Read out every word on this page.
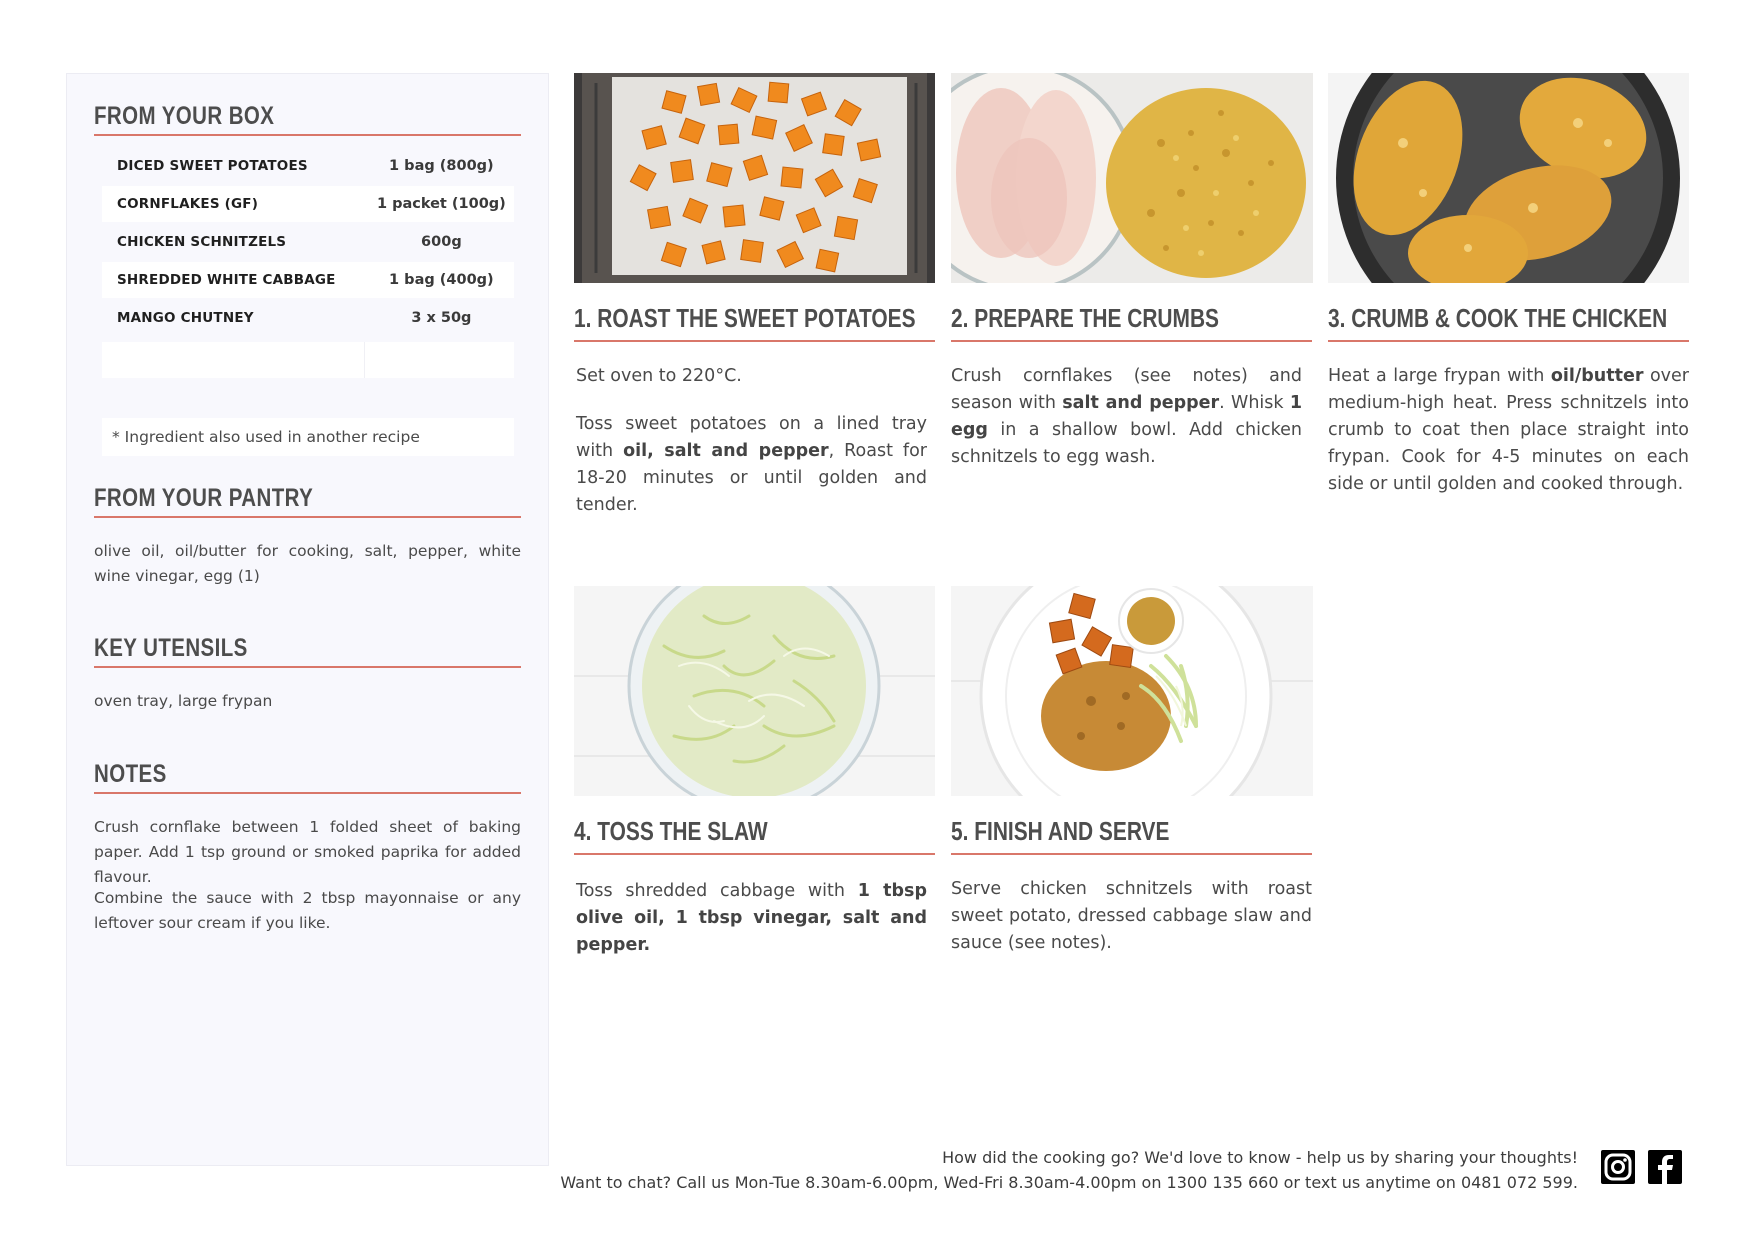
FROM YOUR BOX
DICED SWEET POTATOES	1 bag (800g)
CORNFLAKES (GF)	1 packet (100g)
CHICKEN SCHNITZELS	600g
SHREDDED WHITE CABBAGE	1 bag (400g)
MANGO CHUTNEY	3 x 50g
* Ingredient also used in another recipe
FROM YOUR PANTRY

olive oil, oil/butter for cooking, salt, pepper, white wine vinegar, egg (1)

KEY UTENSILS

oven tray, large frypan

NOTES

Crush cornflake between 1 folded sheet of baking paper. Add 1 tsp ground or smoked paprika for added flavour.

Combine the sauce with 2 tbsp mayonnaise or any leftover sour cream if you like.

1. ROAST THE SWEET POTATOES

Set oven to 220°C.

Toss sweet potatoes on a lined tray with oil, salt and pepper, Roast for 18-20 minutes or until golden and tender.

2. PREPARE THE CRUMBS

Crush cornflakes (see notes) and season with salt and pepper. Whisk 1 egg in a shallow bowl. Add chicken schnitzels to egg wash.

3. CRUMB & COOK THE CHICKEN

Heat a large frypan with oil/butter over medium-high heat. Press schnitzels into crumb to coat then place straight into frypan. Cook for 4-5 minutes on each side or until golden and cooked through.

4. TOSS THE SLAW

Toss shredded cabbage with 1 tbsp olive oil, 1 tbsp vinegar, salt and pepper.

5. FINISH AND SERVE

Serve chicken schnitzels with roast sweet potato, dressed cabbage slaw and sauce (see notes).

How did the cooking go? We'd love to know - help us by sharing your thoughts!
Want to chat? Call us Mon-Tue 8.30am-6.00pm, Wed-Fri 8.30am-4.00pm on 1300 135 660 or text us anytime on 0481 072 599.
